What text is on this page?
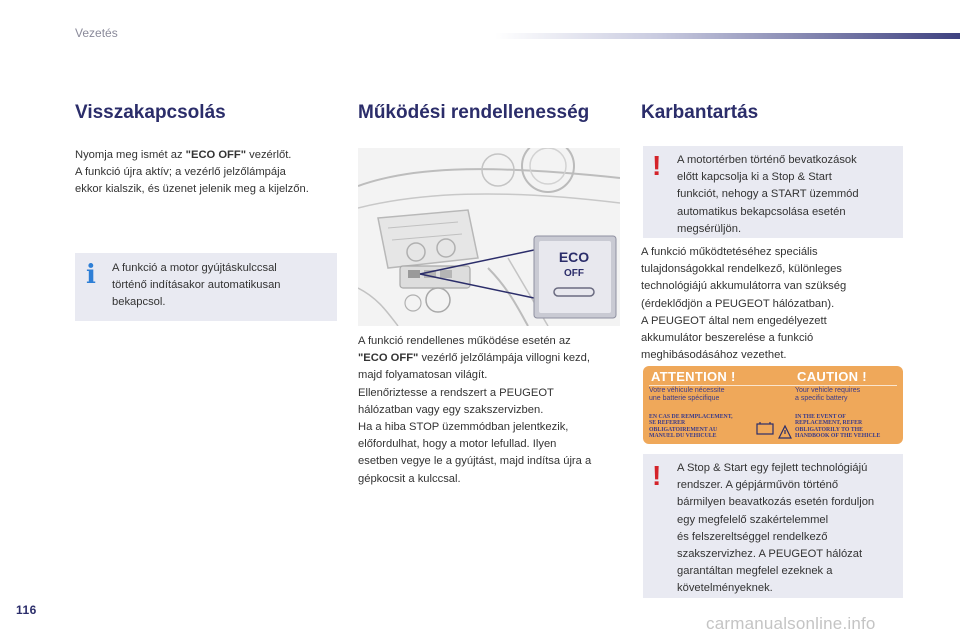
Vezetés
Visszakapcsolás
Nyomja meg ismét az "ECO OFF" vezérlőt.
A funkció újra aktív; a vezérlő jelzőlámpája
ekkor kialszik, és üzenet jelenik meg a kijelzőn.
i A funkció a motor gyújtáskulccsal
történő indításakor automatikusan
bekapcsol.
Működési rendellenesség
ECO
OFF
A funkció rendellenes működése esetén az
"ECO OFF" vezérlő jelzőlámpája villogni kezd,
majd folyamatosan világít.
Ellenőriztesse a rendszert a PEUGEOT
hálózatban vagy egy szakszervizben.
Ha a hiba STOP üzemmódban jelentkezik,
előfordulhat, hogy a motor lefullad. Ilyen
esetben vegye le a gyújtást, majd indítsa újra a
gépkocsit a kulccsal.
Karbantartás
! A motortérben történő bevatkozások
előtt kapcsolja ki a Stop & Start
funkciót, nehogy a START üzemmód
automatikus bekapcsolása esetén
megsérüljön.
A funkció működtetéséhez speciális
tulajdonságokkal rendelkező, különleges
technológiájú akkumulátorra van szükség
(érdeklődjön a PEUGEOT hálózatban).
A PEUGEOT által nem engedélyezett
akkumulátor beszerelése a funkció
meghibásodásához vezethet.
ATTENTION !	CAUTION !
Votre véhicule nécessite
une batterie spécifique
Your vehicle requires
a specific battery
EN CAS DE REMPLACEMENT,
SE REFERER
OBLIGATOIREMENT AU
MANUEL DU VEHICULE
IN THE EVENT OF
REPLACEMENT, REFER
OBLIGATORILY TO THE
HANDBOOK OF THE VEHICLE
! A Stop & Start egy fejlett technológiájú
rendszer. A gépjárművön történő
bármilyen beavatkozás esetén forduljon
egy megfelelő szakértelemmel
és felszereltséggel rendelkező
szakszervizhez. A PEUGEOT hálózat
garantáltan megfelel ezeknek a
követelményeknek.
116
carmanualsonline.info
